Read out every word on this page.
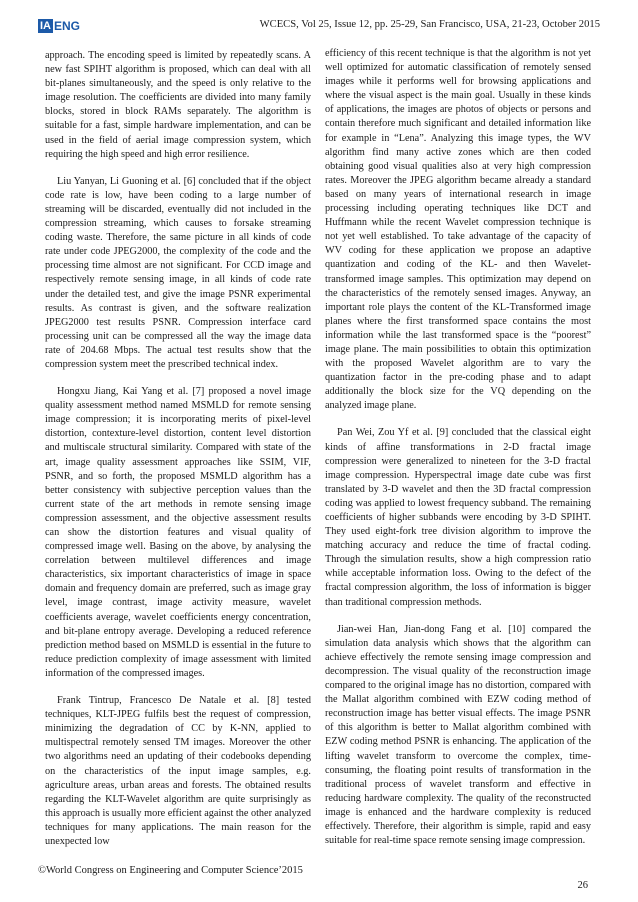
IA ENG	WCECS, Vol 25, Issue 12, pp. 25-29, San Francisco, USA, 21-23, October 2015

approach. The encoding speed is limited by repeatedly scans. A new fast SPIHT algorithm is proposed, which can deal with all bit-planes simultaneously, and the speed is only relative to the image resolution. The coefficients are divided into many family blocks, stored in block RAMs separately. The algorithm is suitable for a fast, simple hardware implementation, and can be used in the field of aerial image compression system, which requiring the high speed and high error resilience.

Liu Yanyan, Li Guoning et al. [6] concluded that if the object code rate is low, have been coding to a large number of streaming will be discarded, eventually did not included in the compression streaming, which causes to forsake streaming coding waste. Therefore, the same picture in all kinds of code rate under code JPEG2000, the complexity of the code and the processing time almost are not significant. For CCD image and respectively remote sensing image, in all kinds of code rate under the detailed test, and give the image PSNR experimental results. As contrast is given, and the software realization JPEG2000 test results PSNR. Compression interface card processing unit can be compressed all the way the image data rate of 204.68 Mbps. The actual test results show that the compression system meet the prescribed technical index.

Hongxu Jiang, Kai Yang et al. [7] proposed a novel image quality assessment method named MSMLD for remote sensing image compression; it is incorporating merits of pixel-level distortion, contexture-level distortion, content level distortion and multiscale structural similarity. Compared with state of the art, image quality assessment approaches like SSIM, VIF, PSNR, and so forth, the proposed MSMLD algorithm has a better consistency with subjective perception values than the current state of the art methods in remote sensing image compression assessment, and the objective assessment results can show the distortion features and visual quality of compressed image well. Basing on the above, by analysing the correlation between multilevel differences and image characteristics, six important characteristics of image in space domain and frequency domain are preferred, such as image gray level, image contrast, image activity measure, wavelet coefficients average, wavelet coefficients energy concentration, and bit-plane entropy average. Developing a reduced reference prediction method based on MSMLD is essential in the future to reduce prediction complexity of image assessment with limited information of the compressed images.

Frank Tintrup, Francesco De Natale et al. [8] tested techniques, KLT-JPEG fulfils best the request of compression, minimizing the degradation of CC by K-NN, applied to multispectral remotely sensed TM images. Moreover the other two algorithms need an updating of their codebooks depending on the characteristics of the input image samples, e.g. agriculture areas, urban areas and forests. The obtained results regarding the KLT-Wavelet algorithm are quite surprisingly as this approach is usually more efficient against the other analyzed techniques for many applications. The main reason for the unexpected low

efficiency of this recent technique is that the algorithm is not yet well optimized for automatic classification of remotely sensed images while it performs well for browsing applications and where the visual aspect is the main goal. Usually in these kinds of applications, the images are photos of objects or persons and contain therefore much significant and detailed information like for example in “Lena”. Analyzing this image types, the WV algorithm find many active zones which are then coded obtaining good visual qualities also at very high compression rates. Moreover the JPEG algorithm became already a standard based on many years of international research in image processing including operating techniques like DCT and Huffmann while the recent Wavelet compression technique is not yet well established. To take advantage of the capacity of WV coding for these application we propose an adaptive quantization and coding of the KL- and then Wavelet-transformed image samples. This optimization may depend on the characteristics of the remotely sensed images. Anyway, an important role plays the content of the KL-Transformed image planes where the first transformed space contains the most information while the last transformed space is the “poorest” image plane. The main possibilities to obtain this optimization with the proposed Wavelet algorithm are to vary the quantization factor in the pre-coding phase and to adapt additionally the block size for the VQ depending on the analyzed image plane.

Pan Wei, Zou Yf et al. [9] concluded that the classical eight kinds of affine transformations in 2-D fractal image compression were generalized to nineteen for the 3-D fractal image compression. Hyperspectral image date cube was first translated by 3-D wavelet and then the 3D fractal compression coding was applied to lowest frequency subband. The remaining coefficients of higher subbands were encoding by 3-D SPIHT. They used eight-fork tree division algorithm to improve the matching accuracy and reduce the time of fractal coding. Through the simulation results, show a high compression ratio while acceptable information loss. Owing to the defect of the fractal compression algorithm, the loss of information is bigger than traditional compression methods.

Jian-wei Han, Jian-dong Fang et al. [10] compared the simulation data analysis which shows that the algorithm can achieve effectively the remote sensing image compression and decompression. The visual quality of the reconstruction image compared to the original image has no distortion, compared with the Mallat algorithm combined with EZW coding method of reconstruction image has better visual effects. The image PSNR of this algorithm is better to Mallat algorithm combined with EZW coding method PSNR is enhancing. The application of the lifting wavelet transform to overcome the complex, time-consuming, the floating point results of transformation in the traditional process of wavelet transform and effective in reducing hardware complexity. The quality of the reconstructed image is enhanced and the hardware complexity is reduced effectively. Therefore, their algorithm is simple, rapid and easy suitable for real-time space remote sensing image compression.

©World Congress on Engineering and Computer Science’2015
26
